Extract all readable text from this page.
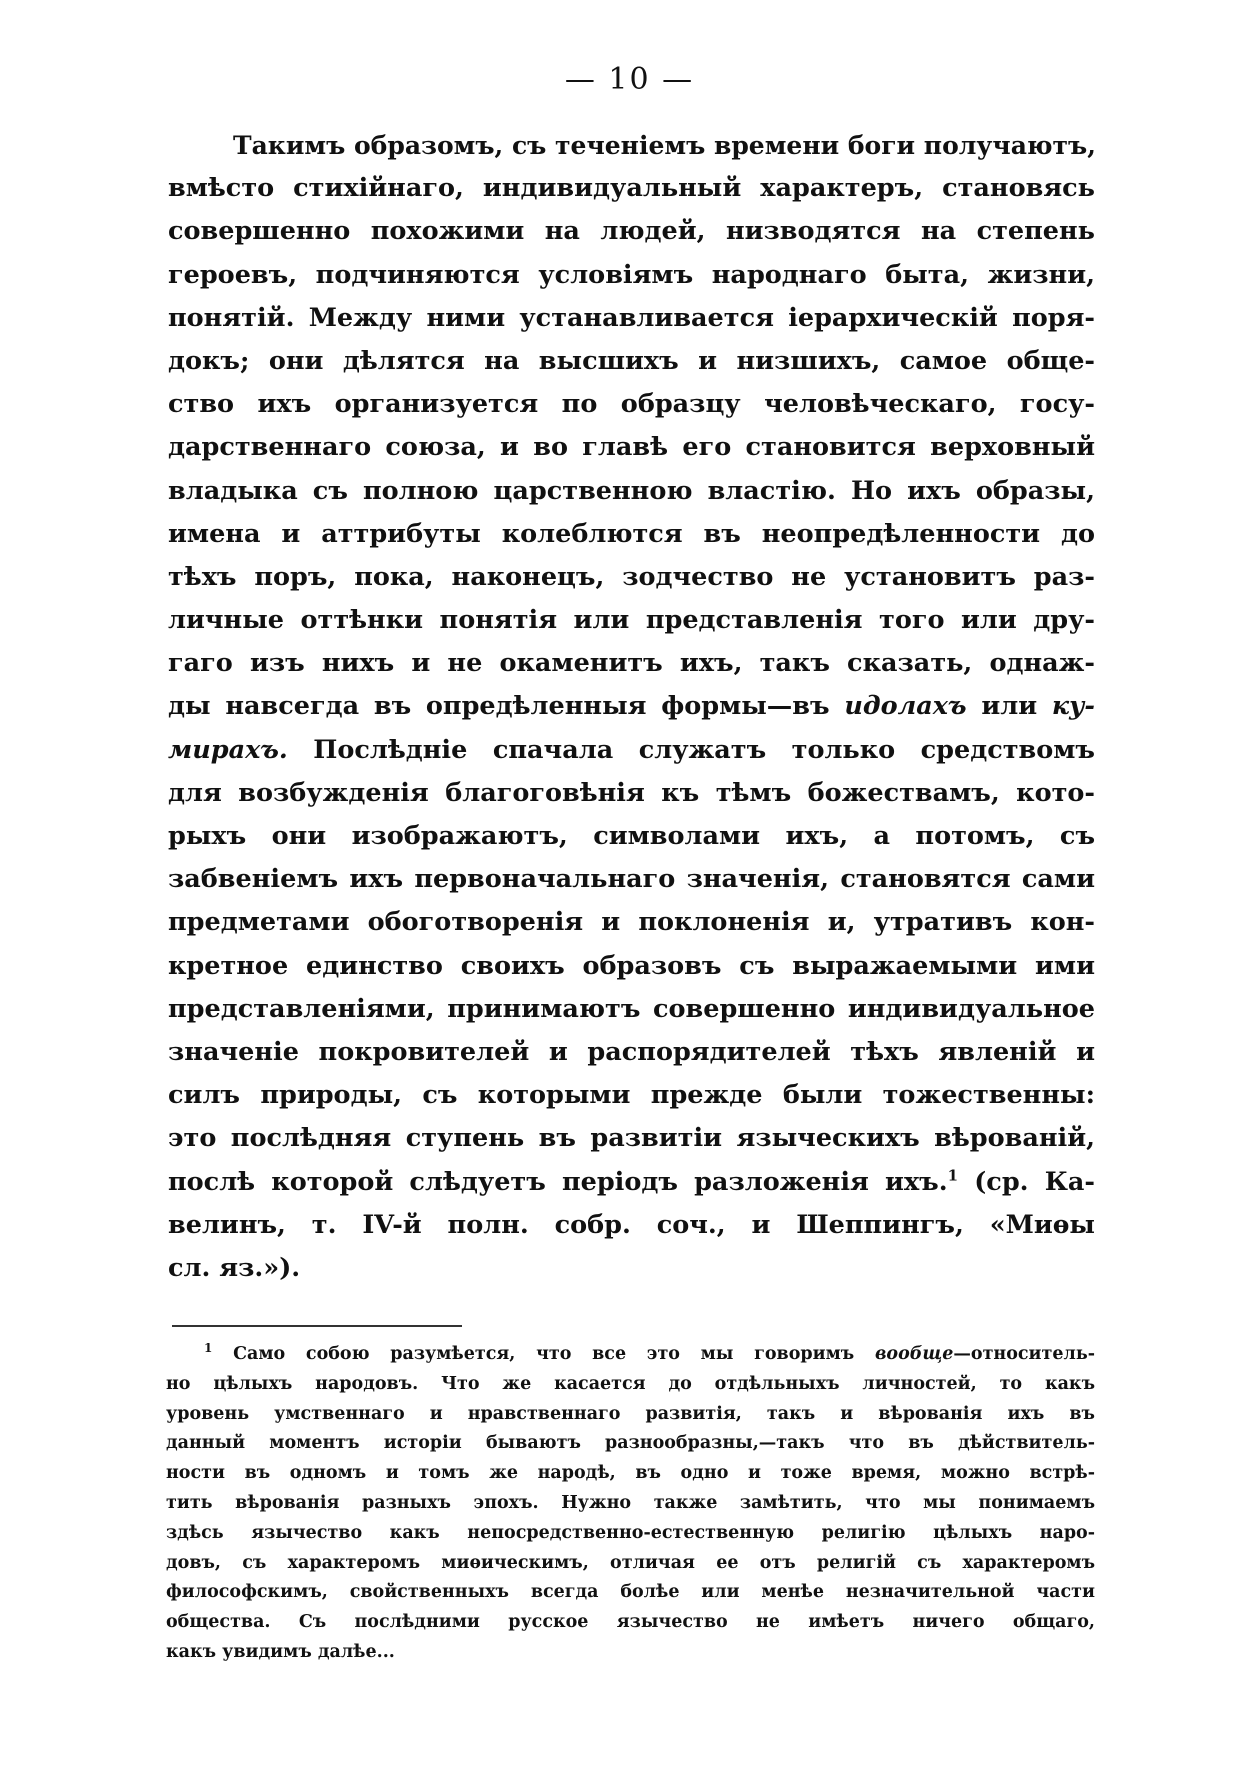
— 10 —
Такимъ образомъ, съ теченіемъ времени боги получаютъ,
вмѣсто стихійнаго, индивидуальный характеръ, становясь
совершенно похожими на людей, низводятся на степень
героевъ, подчиняются условіямъ народнаго быта, жизни,
понятій. Между ними устанавливается іерархическій поря-
докъ; они дѣлятся на высшихъ и низшихъ, самое обще-
ство ихъ организуется по образцу человѣческаго, госу-
дарственнаго союза, и во главѣ его становится верховный
владыка съ полною царственною властію. Но ихъ образы,
имена и аттрибуты колеблются въ неопредѣленности до
тѣхъ поръ, пока, наконецъ, зодчество не установитъ раз-
личные оттѣнки понятія или представленія того или дру-
гаго изъ нихъ и не окаменитъ ихъ, такъ сказать, однаж-
ды навсегда въ опредѣленныя формы—въ идолахъ или ку-
мирахъ. Послѣдніе спачала служатъ только средствомъ
для возбужденія благоговѣнія къ тѣмъ божествамъ, кото-
рыхъ они изображаютъ, символами ихъ, а потомъ, съ
забвеніемъ ихъ первоначальнаго значенія, становятся сами
предметами обоготворенія и поклоненія и, утративъ кон-
кретное единство своихъ образовъ съ выражаемыми ими
представленіями, принимаютъ совершенно индивидуальное
значеніе покровителей и распорядителей тѣхъ явленій и
силъ природы, съ которыми прежде были тожественны:
это послѣдняя ступень въ развитіи языческихъ вѣрованій,
послѣ которой слѣдуетъ періодъ разложенія ихъ.$^1$ (ср. Ка-
велинъ, т. IV-й полн. собр. соч., и Шеппингъ, «Миѳы
сл. яз.»).
$^1$ Само собою разумѣется, что все это мы говоримъ вообще—относитель-
но цѣлыхъ народовъ. Что же касается до отдѣльныхъ личностей, то какъ
уровень умственнаго и нравственнаго развитія, такъ и вѣрованія ихъ въ
данный моментъ исторіи бываютъ разнообразны,—такъ что въ дѣйствитель-
ности въ одномъ и томъ же народѣ, въ одно и тоже время, можно встрѣ-
тить вѣрованія разныхъ эпохъ. Нужно также замѣтить, что мы понимаемъ
здѣсь язычество какъ непосредственно-естественную религію цѣлыхъ наро-
довъ, съ характеромъ миѳическимъ, отличая ее отъ религій съ характеромъ
философскимъ, свойственныхъ всегда болѣе или менѣе незначительной части
общества. Съ послѣдними русское язычество не имѣетъ ничего общаго,
какъ увидимъ далѣе...
